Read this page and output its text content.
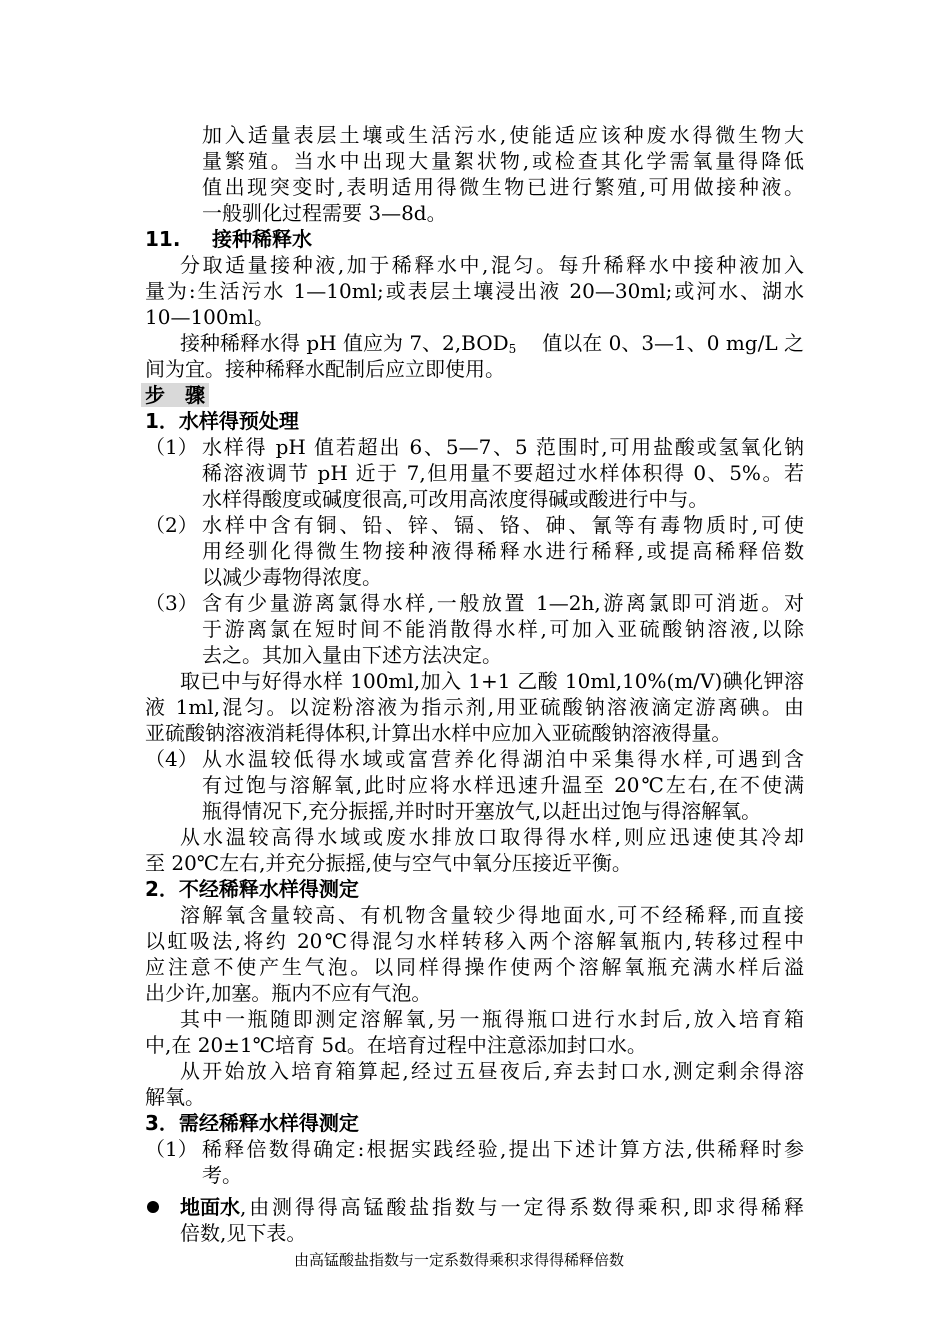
加入适量表层土壤或生活污水,使能适应该种废水得微生物大
量繁殖。当水中出现大量絮状物,或检查其化学需氧量得降低
值出现突变时,表明适用得微生物已进行繁殖,可用做接种液。
一般驯化过程需要 3—8d。
11. 接种稀释水
分取适量接种液,加于稀释水中,混匀。每升稀释水中接种液加入
量为:生活污水 1—10ml;或表层土壤浸出液 20—30ml;或河水、湖水
10—100ml。
接种稀释水得 pH 值应为 7、$2,BOD_5$ 值以在 0、3—1、0 mg/L 之
间为宜。接种稀释水配制后应立即使用。
步　骤
1．水样得预处理
（1） 水样得 pH 值若超出 6、5—7、5 范围时,可用盐酸或氢氧化钠
稀溶液调节 pH 近于 7,但用量不要超过水样体积得 0、5%。若
水样得酸度或碱度很高,可改用高浓度得碱或酸进行中与。
（2） 水样中含有铜、铅、锌、镉、铬、砷、氰等有毒物质时,可使
用经驯化得微生物接种液得稀释水进行稀释,或提高稀释倍数
以减少毒物得浓度。
（3） 含有少量游离氯得水样,一般放置 1—2h,游离氯即可消逝。对
于游离氯在短时间不能消散得水样,可加入亚硫酸钠溶液,以除
去之。其加入量由下述方法决定。
取已中与好得水样 100ml,加入 1+1 乙酸 10ml,10%(m/V)碘化钾溶
液 1ml,混匀。以淀粉溶液为指示剂,用亚硫酸钠溶液滴定游离碘。由
亚硫酸钠溶液消耗得体积,计算出水样中应加入亚硫酸钠溶液得量。
（4） 从水温较低得水域或富营养化得湖泊中采集得水样,可遇到含
有过饱与溶解氧,此时应将水样迅速升温至 20℃左右,在不使满
瓶得情况下,充分振摇,并时时开塞放气,以赶出过饱与得溶解氧。
从水温较高得水域或废水排放口取得得水样,则应迅速使其冷却
至 20℃左右,并充分振摇,使与空气中氧分压接近平衡。
2．不经稀释水样得测定
溶解氧含量较高、有机物含量较少得地面水,可不经稀释,而直接
以虹吸法,将约 20℃得混匀水样转移入两个溶解氧瓶内,转移过程中
应注意不使产生气泡。以同样得操作使两个溶解氧瓶充满水样后溢
出少许,加塞。瓶内不应有气泡。
其中一瓶随即测定溶解氧,另一瓶得瓶口进行水封后,放入培育箱
中,在 20±1℃培育 5d。在培育过程中注意添加封口水。
从开始放入培育箱算起,经过五昼夜后,弃去封口水,测定剩余得溶
解氧。
3．需经稀释水样得测定
（1） 稀释倍数得确定:根据实践经验,提出下述计算方法,供稀释时参
考。
地面水 ,由测得得高锰酸盐指数与一定得系数得乘积,即求得稀释
倍数,见下表。
由高锰酸盐指数与一定系数得乘积求得得稀释倍数
